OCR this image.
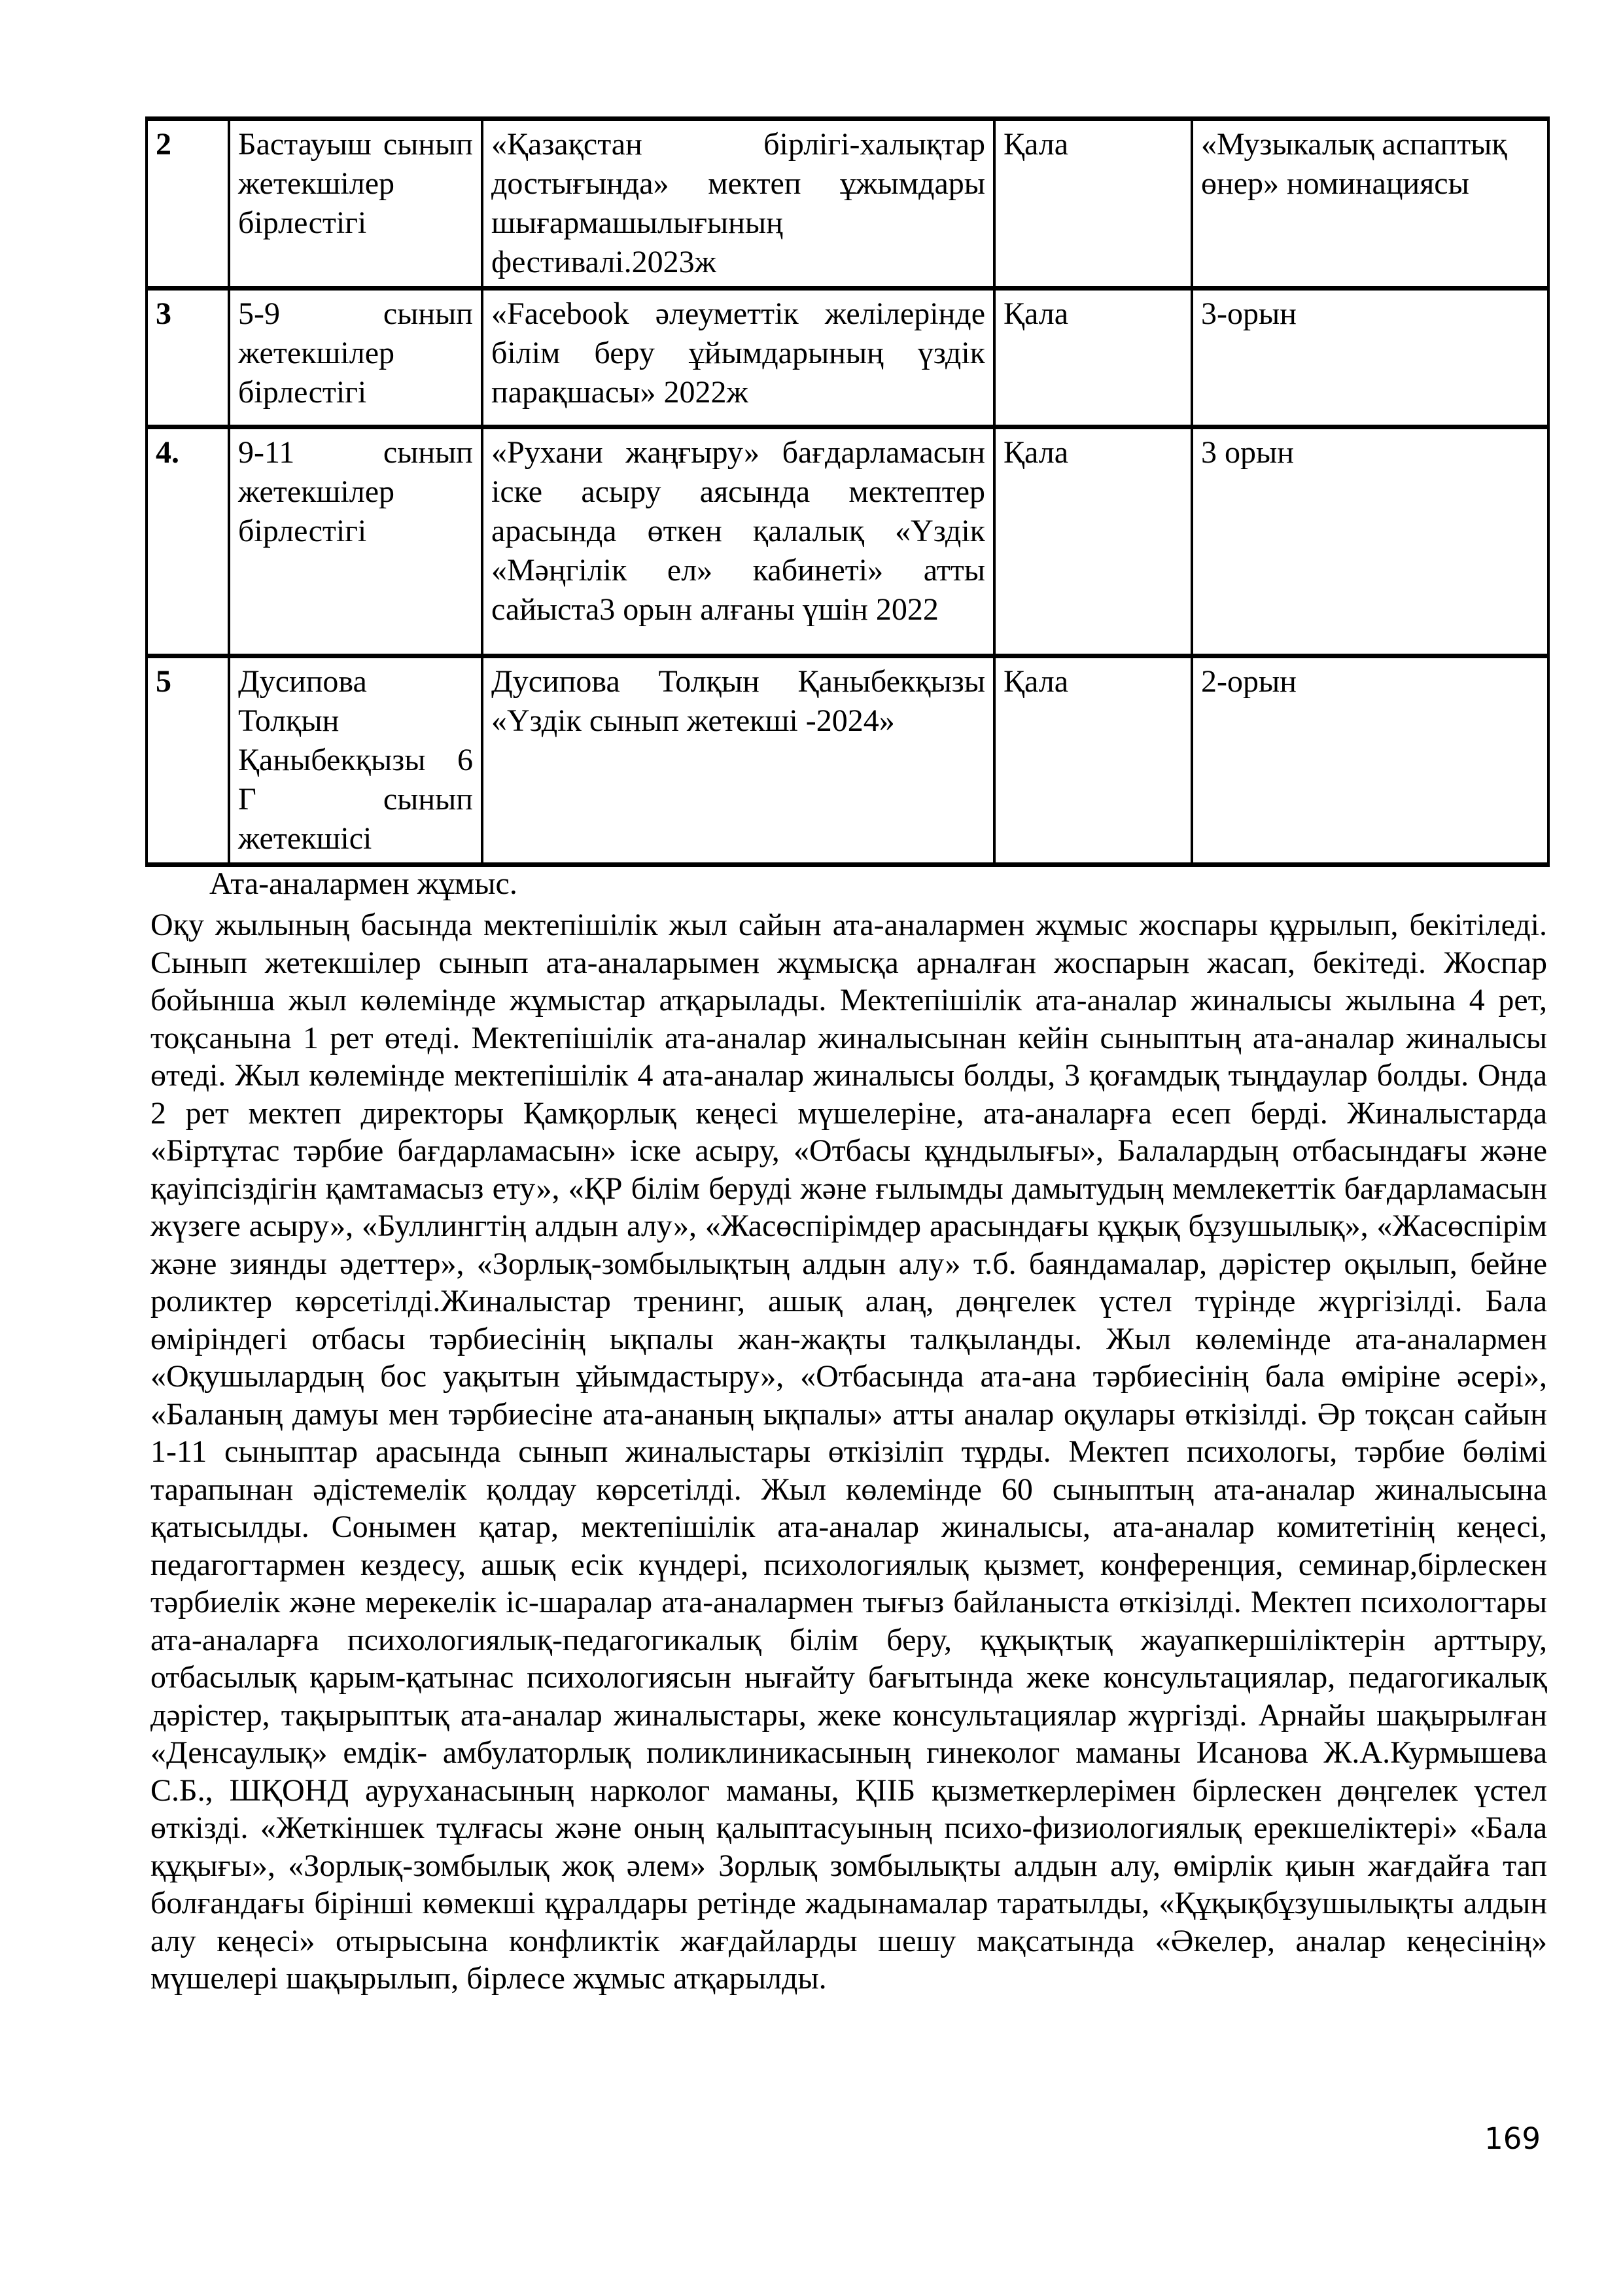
2	Бастауыш сынып жетекшілер бірлестігі	«Қазақстан бірлігі-халықтар достығында» мектеп ұжымдары шығармашылығының фестивалі.2023ж	Қала	«Музыкалық аспаптық өнер» номинациясы
3	5-9 сынып жетекшілер бірлестігі	«Facebook әлеуметтік желілерінде білім беру ұйымдарының үздік парақшасы» 2022ж	Қала	3-орын
4.	9-11 сынып жетекшілер бірлестігі	«Рухани жаңғыру» бағдарламасын іске асыру аясында мектептер арасында өткен қалалық «Үздік «Мәңгілік ел» кабинеті» атты сайыста3 орын алғаны үшін 2022	Қала	3 орын
5	Дусипова Толқын Қаныбекқызы 6 Г сынып жетекшісі	Дусипова Толқын Қаныбекқызы «Үздік сынып жетекші -2024»	Қала	2-орын

Ата-аналармен жұмыс.

Оқу жылының басында мектепішілік жыл сайын ата-аналармен жұмыс жоспары құрылып, бекітіледі. Сынып жетекшілер сынып ата-аналарымен жұмысқа арналған жоспарын жасап, бекітеді. Жоспар бойынша жыл көлемінде жұмыстар атқарылады. Мектепішілік ата-аналар жиналысы жылына 4 рет, тоқсанына 1 рет өтеді. Мектепішілік ата-аналар жиналысынан кейін сыныптың ата-аналар жиналысы өтеді. Жыл көлемінде мектепішілік 4 ата-аналар жиналысы болды, 3 қоғамдық тыңдаулар болды. Онда 2 рет мектеп директоры Қамқорлық кеңесі мүшелеріне, ата-аналарға есеп берді. Жиналыстарда «Біртұтас тәрбие бағдарламасын» іске асыру, «Отбасы құндылығы», Балалардың отбасындағы және қауіпсіздігін қамтамасыз ету», «ҚР білім беруді және ғылымды дамытудың мемлекеттік бағдарламасын жүзеге асыру», «Буллингтің алдын алу», «Жасөспірімдер арасындағы құқық бұзушылық», «Жасөспірім және зиянды әдеттер», «Зорлық-зомбылықтың алдын алу» т.б. баяндамалар, дәрістер оқылып, бейне роликтер көрсетілді.Жиналыстар тренинг, ашық алаң, дөңгелек үстел түрінде жүргізілді. Бала өміріндегі отбасы тәрбиесінің ықпалы жан-жақты талқыланды. Жыл көлемінде ата-аналармен «Оқушылардың бос уақытын ұйымдастыру», «Отбасында ата-ана тәрбиесінің бала өміріне әсері», «Баланың дамуы мен тәрбиесіне ата-ананың ықпалы» атты аналар оқулары өткізілді. Әр тоқсан сайын 1-11 сыныптар арасында сынып жиналыстары өткізіліп тұрды. Мектеп психологы, тәрбие бөлімі тарапынан әдістемелік қолдау көрсетілді. Жыл көлемінде 60 сыныптың ата-аналар жиналысына қатысылды. Сонымен қатар, мектепішілік ата-аналар жиналысы, ата-аналар комитетінің кеңесі, педагогтармен кездесу, ашық есік күндері, психологиялық қызмет, конференция, семинар,бірлескен тәрбиелік және мерекелік іс-шаралар ата-аналармен тығыз байланыста өткізілді. Мектеп психологтары ата-аналарға психологиялық-педагогикалық білім беру, құқықтық жауапкершіліктерін арттыру, отбасылық қарым-қатынас психологиясын нығайту бағытында жеке консультациялар, педагогикалық дәрістер, тақырыптық ата-аналар жиналыстары, жеке консультациялар жүргізді. Арнайы шақырылған «Денсаулық» емдік- амбулаторлық поликлиникасының гинеколог маманы Исанова Ж.А.Курмышева С.Б., ШҚОНД ауруханасының нарколог маманы, ҚІІБ қызметкерлерімен бірлескен дөңгелек үстел өткізді. «Жеткіншек тұлғасы және оның қалыптасуының психо-физиологиялық ерекшеліктері» «Бала құқығы», «Зорлық-зомбылық жоқ әлем» Зорлық зомбылықты алдын алу, өмірлік қиын жағдайға тап болғандағы бірінші көмекші құралдары ретінде жадынамалар таратылды, «Құқықбұзушылықты алдын алу кеңесі» отырысына конфликтік жағдайларды шешу мақсатында «Әкелер, аналар кеңесінің» мүшелері шақырылып, бірлесе жұмыс атқарылды.

169
